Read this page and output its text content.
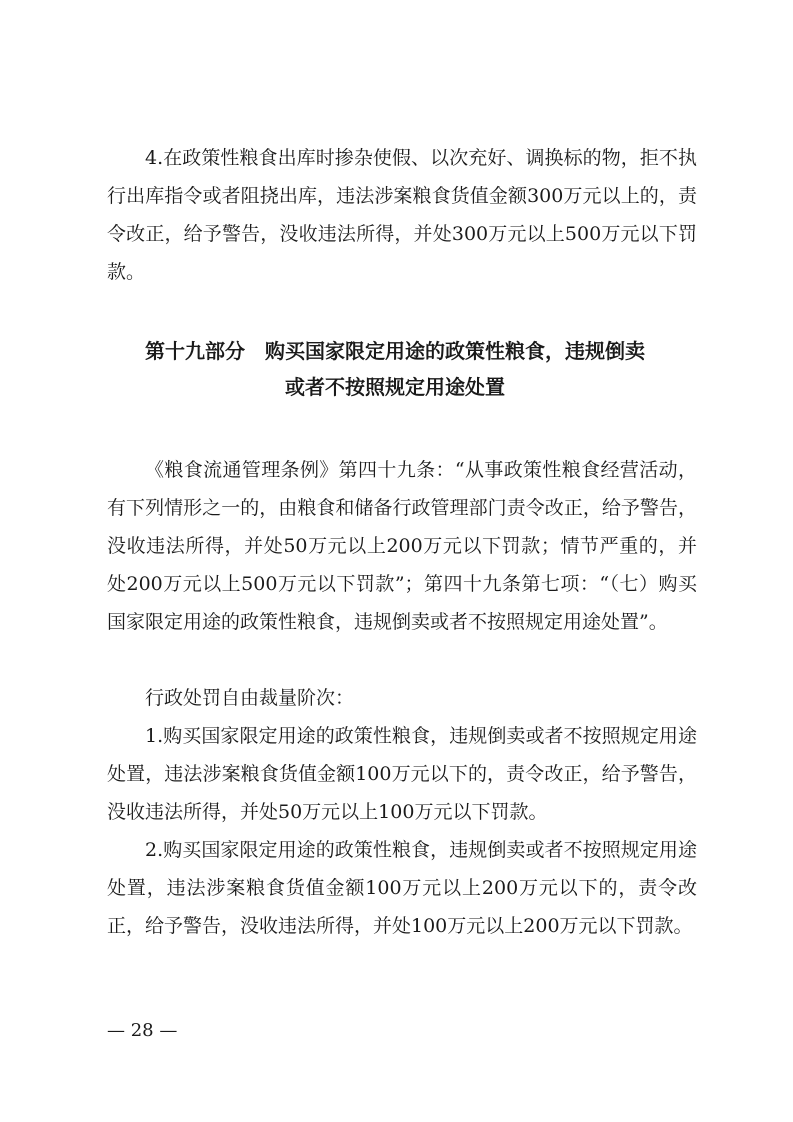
4.在政策性粮食出库时掺杂使假、以次充好、调换标的物，拒不执行出库指令或者阻挠出库，违法涉案粮食货值金额300万元以上的，责令改正，给予警告，没收违法所得，并处300万元以上500万元以下罚款。

第十九部分　购买国家限定用途的政策性粮食，违规倒卖
或者不按照规定用途处置

《粮食流通管理条例》第四十九条：“从事政策性粮食经营活动，有下列情形之一的，由粮食和储备行政管理部门责令改正，给予警告，没收违法所得，并处50万元以上200万元以下罚款；情节严重的，并处200万元以上500万元以下罚款”；第四十九条第七项：“（七）购买国家限定用途的政策性粮食，违规倒卖或者不按照规定用途处置”。

行政处罚自由裁量阶次：

1.购买国家限定用途的政策性粮食，违规倒卖或者不按照规定用途处置，违法涉案粮食货值金额100万元以下的，责令改正，给予警告，没收违法所得，并处50万元以上100万元以下罚款。

2.购买国家限定用途的政策性粮食，违规倒卖或者不按照规定用途处置，违法涉案粮食货值金额100万元以上200万元以下的，责令改正，给予警告，没收违法所得，并处100万元以上200万元以下罚款。

— 28 —
